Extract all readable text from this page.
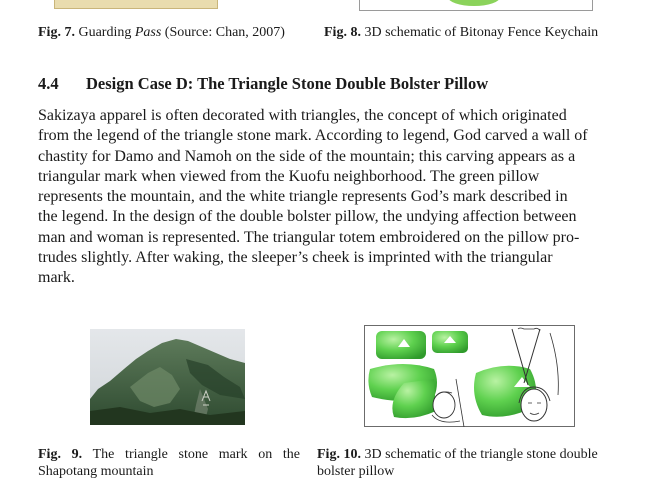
Fig. 7. Guarding Pass (Source: Chan, 2007)	Fig. 8. 3D schematic of Bitonay Fence Keychain
4.4 Design Case D: The Triangle Stone Double Bolster Pillow
Sakizaya apparel is often decorated with triangles, the concept of which originated
from the legend of the triangle stone mark. According to legend, God carved a wall of
chastity for Damo and Namoh on the side of the mountain; this carving appears as a
triangular mark when viewed from the Kuofu neighborhood. The green pillow
represents the mountain, and the white triangle represents God’s mark described in
the legend. In the design of the double bolster pillow, the undying affection between
man and woman is represented. The triangular totem embroidered on the pillow pro-
trudes slightly. After waking, the sleeper’s cheek is imprinted with the triangular
mark.
Fig. 9. The triangle stone mark on the Shapotang mountain
Fig. 10. 3D schematic of the triangle stone double bolster pillow
